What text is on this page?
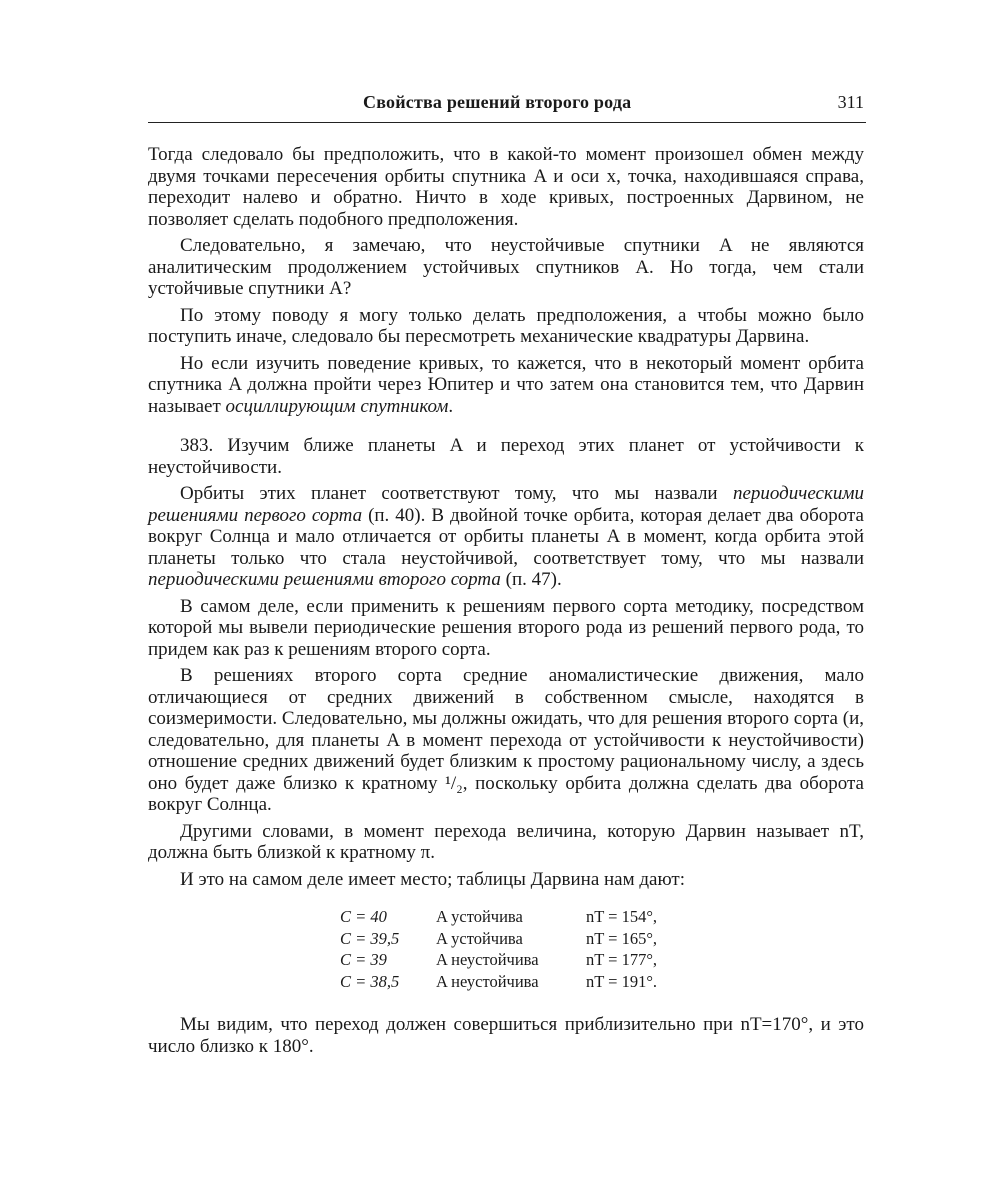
Свойства решений второго рода	311

Тогда следовало бы предположить, что в какой-то момент произошел обмен между двумя точками пересечения орбиты спутника A и оси x, точка, находившаяся справа, переходит налево и обратно. Ничто в ходе кривых, построенных Дарвином, не позволяет сделать подобного предположения.

Следовательно, я замечаю, что неустойчивые спутники A не являются аналитическим продолжением устойчивых спутников A. Но тогда, чем стали устойчивые спутники A?

По этому поводу я могу только делать предположения, а чтобы можно было поступить иначе, следовало бы пересмотреть механические квадратуры Дарвина.

Но если изучить поведение кривых, то кажется, что в некоторый момент орбита спутника A должна пройти через Юпитер и что затем она становится тем, что Дарвин называет осциллирующим спутником.

383. Изучим ближе планеты A и переход этих планет от устойчивости к неустойчивости.

Орбиты этих планет соответствуют тому, что мы назвали периодическими решениями первого сорта (п. 40). В двойной точке орбита, которая делает два оборота вокруг Солнца и мало отличается от орбиты планеты A в момент, когда орбита этой планеты только что стала неустойчивой, соответствует тому, что мы назвали периодическими решениями второго сорта (п. 47).

В самом деле, если применить к решениям первого сорта методику, посредством которой мы вывели периодические решения второго рода из решений первого рода, то придем как раз к решениям второго сорта.

В решениях второго сорта средние аномалистические движения, мало отличающиеся от средних движений в собственном смысле, находятся в соизмеримости. Следовательно, мы должны ожидать, что для решения второго сорта (и, следовательно, для планеты A в момент перехода от устойчивости к неустойчивости) отношение средних движений будет близким к простому рациональному числу, а здесь оно будет даже близко к кратному ¹/₂, поскольку орбита должна сделать два оборота вокруг Солнца.

Другими словами, в момент перехода величина, которую Дарвин называет nT, должна быть близкой к кратному π.

И это на самом деле имеет место; таблицы Дарвина нам дают:

C = 40	A устойчива	nT = 154°,
C = 39,5	A устойчива	nT = 165°,
C = 39	A неустойчива	nT = 177°,
C = 38,5	A неустойчива	nT = 191°.

Мы видим, что переход должен совершиться приблизительно при nT=170°, и это число близко к 180°.
